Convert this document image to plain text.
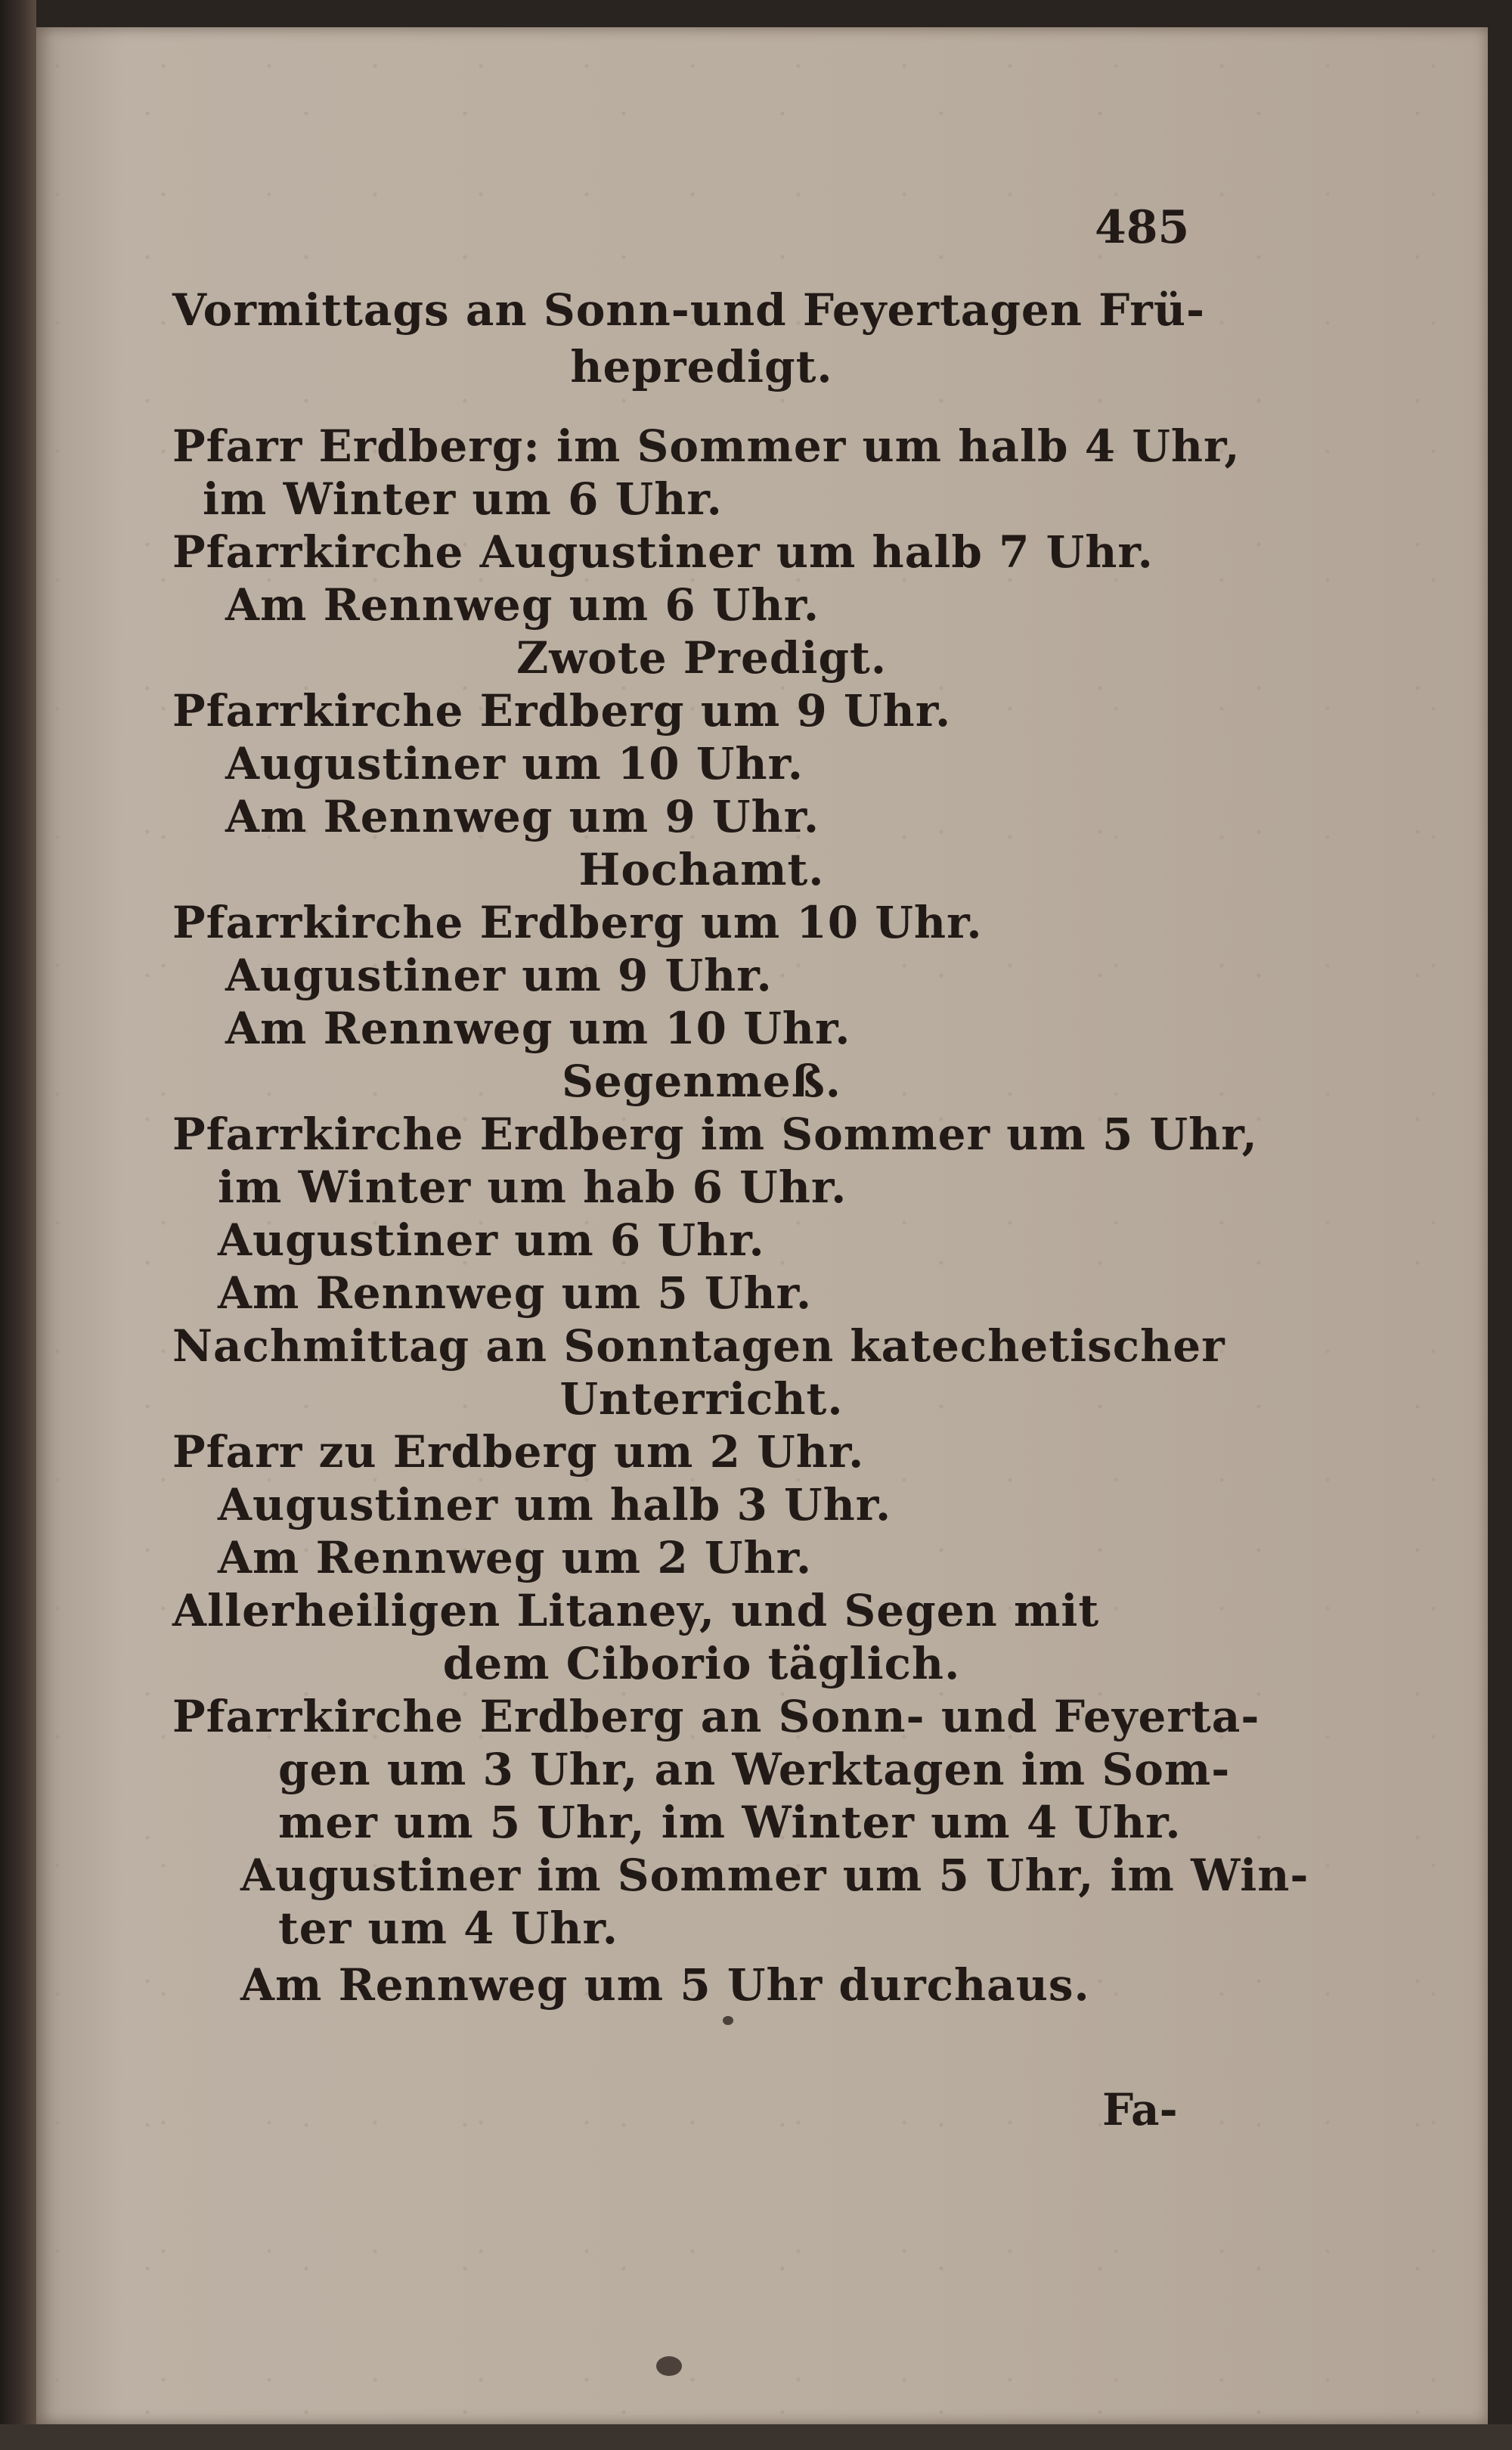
485
Vormittags an Sonn-und Feyertagen Frü-
hepredigt.
Pfarr Erdberg: im Sommer um halb 4 Uhr,
im Winter um 6 Uhr.
Pfarrkirche Augustiner um halb 7 Uhr.
Am Rennweg um 6 Uhr.
Zwote Predigt.
Pfarrkirche Erdberg um 9 Uhr.
Augustiner um 10 Uhr.
Am Rennweg um 9 Uhr.
Hochamt.
Pfarrkirche Erdberg um 10 Uhr.
Augustiner um 9 Uhr.
Am Rennweg um 10 Uhr.
Segenmeß.
Pfarrkirche Erdberg im Sommer um 5 Uhr,
im Winter um hab 6 Uhr.
Augustiner um 6 Uhr.
Am Rennweg um 5 Uhr.
Nachmittag an Sonntagen katechetischer
Unterricht.
Pfarr zu Erdberg um 2 Uhr.
Augustiner um halb 3 Uhr.
Am Rennweg um 2 Uhr.
Allerheiligen Litaney, und Segen mit
dem Ciborio täglich.
Pfarrkirche Erdberg an Sonn- und Feyerta-
gen um 3 Uhr, an Werktagen im Som-
mer um 5 Uhr, im Winter um 4 Uhr.
Augustiner im Sommer um 5 Uhr, im Win-
ter um 4 Uhr.
Am Rennweg um 5 Uhr durchaus.
Fa-
